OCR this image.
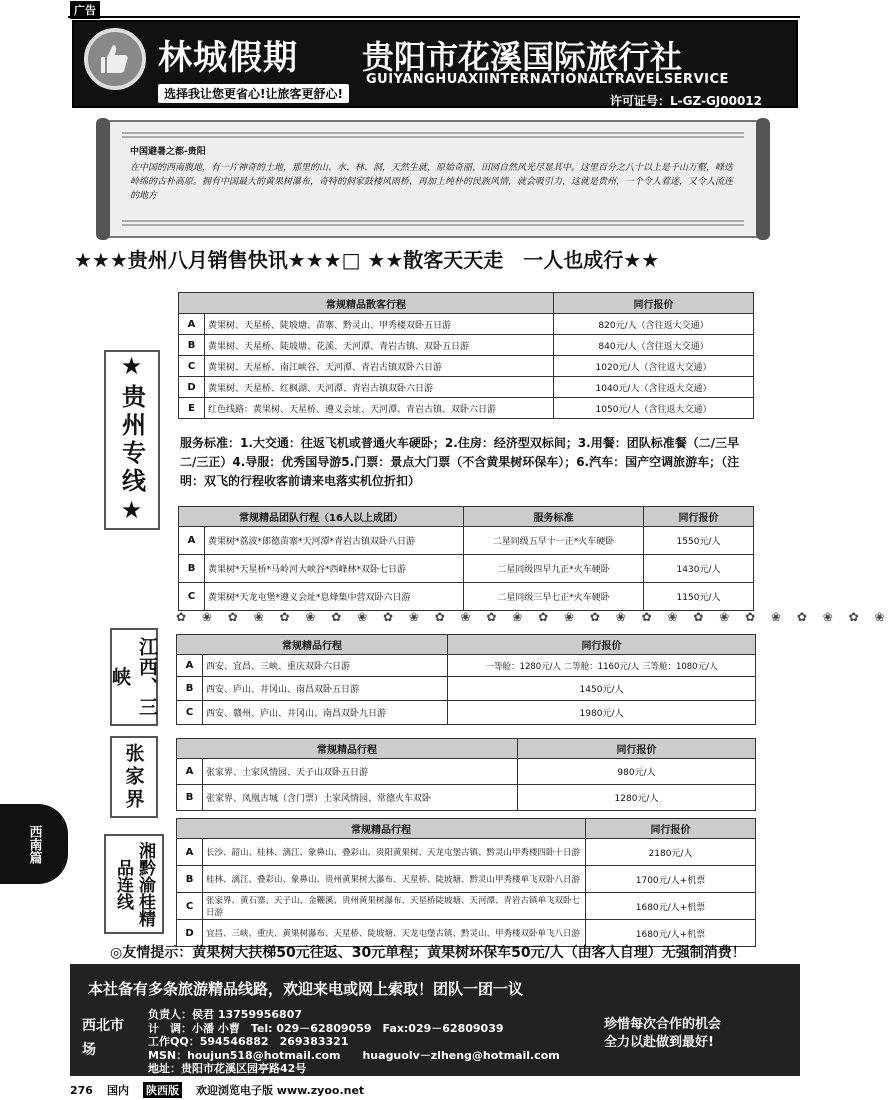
广告
林城假期 贵阳市花溪国际旅行社
GUIYANGHUAXIINTERNATIONALTRAVELSERVICE
选择我让您更省心!让旅客更舒心!	许可证号：L-GZ-GJ00012
中国避暑之都-贵阳
在中国的西南腹地，有一片神奇的土地，那里的山、水、林、洞，天然生就，原始奇丽，田园自然风光尽显其中。这里百分之八十以上是千山万壑，峰迭岭绵的古朴高原。拥有中国最大的黄果树瀑布，奇特的侗家鼓楼风雨桥，再加上纯朴的民族风情，就会吸引力，这就是贵州，一个令人着迷，又令人流连的地方
★★★贵州八月销售快讯★★★□ ★★散客天天走　一人也成行★★
★贵州专线★
常规精品散客行程		同行报价
A	黄果树、天星桥、陡坡塘、苗寨、黔灵山、甲秀楼双卧五日游	820元/人（含往返大交通）
B	黄果树、天星桥、陡坡塘、花溪、天河潭、青岩古镇、双卧五日游	840元/人（含往返大交通）
C	黄果树、天星桥、南江峡谷、天河潭、青岩古镇双卧六日游	1020元/人（含往返大交通）
D	黄果树、天星桥、红枫湖、天河潭、青岩古镇双卧六日游	1040元/人（含往返大交通）
E	红色线路：黄果树、天星桥、遵义会址、天河潭、青岩古镇、双卧六日游	1050元/人（含往返大交通）
服务标准：1.大交通：往返飞机或普通火车硬卧；2.住房：经济型双标间；3.用餐：团队标准餐（二/三早二/三正）4.导服：优秀国导游5.门票：景点大门票（不含黄果树环保车）；6.汽车：国产空调旅游车；（注明：双飞的行程收客前请来电落实机位折扣）
常规精品团队行程（16人以上成团）		服务标准	同行报价
A	黄果树*荔波*郎德苗寨*天河潭*青岩古镇双卧八日游	二星同级五早十一正*火车硬卧	1550元/人
B	黄果树*天星桥*马岭河大峡谷*西峰林*双卧七日游	二星同级四早九正*火车硬卧	1430元/人
C	黄果树*天龙屯堡*遵义会址*息烽集中营双卧六日游	二星同级三早七正*火车硬卧	1150元/人
✿ ❀ ✿ ❀ ✿ ❀ ✿ ❀ ✿ ❀ ✿ ❀ ✿ ❀ ✿ ❀ ✿ ❀ ✿ ❀ ✿ ❀ ✿ ❀ ✿ ❀ ✿ ❀
江西、三峡
常规精品行程		同行报价
A	西安、宜昌、三峡、重庆双卧六日游	一等舱：1280元/人 二等舱：1160元/人 三等舱：1080元/人
B	西安、庐山、井冈山、南昌双卧五日游	1450元/人
C	西安、赣州、庐山、井冈山、南昌双卧九日游	1980元/人
张家界	常规精品行程		同行报价
A	张家界、土家风情园、天子山双卧五日游	980元/人
B	张家界、凤凰古城（含门票）土家风情园、常德火车双卧	1280元/人
湘黔渝桂精品连线
常规精品行程		同行报价
A	长沙、韶山、桂林、漓江、象鼻山、叠彩山、贵阳黄果树、天龙屯堡古镇、黔灵山甲秀楼四卧十日游	2180元/人
B	桂林、漓江、叠彩山、象鼻山、贵州黄果树大瀑布、天星桥、陡坡塘、黔灵山甲秀楼单飞双卧八日游	1700元/人+机票
C	张家界、黄石寨、天子山、金鞭溪、贵州黄果树瀑布、天星桥陡坡塘、天河潭、青岩古镇单飞双卧七日游	1680元/人+机票
D	宜昌、三峡、重庆、黄果树瀑布、天星桥、陡坡塘、天龙屯堡古镇、黔灵山、甲秀楼双卧单飞八日游	1680元/人+机票
西南篇
◎友情提示：黄果树大扶梯50元往返、30元单程；黄果树环保车50元/人（由客人自理）无强制消费！
本社备有多条旅游精品线路，欢迎来电或网上索取！团队一团一议
西北市场
负责人：侯君 13759956807
计　调：小潘 小曹　Tel: 029－62809059　Fax:029－62809039
工作QQ：594546882　269383321
MSN：houjun518@hotmail.com　　huaguolv－zlheng@hotmail.com
地址：贵阳市花溪区园亭路42号
珍惜每次合作的机会
全力以赴做到最好!
276 国内 陕西版 欢迎浏览电子版 www.zyoo.net
